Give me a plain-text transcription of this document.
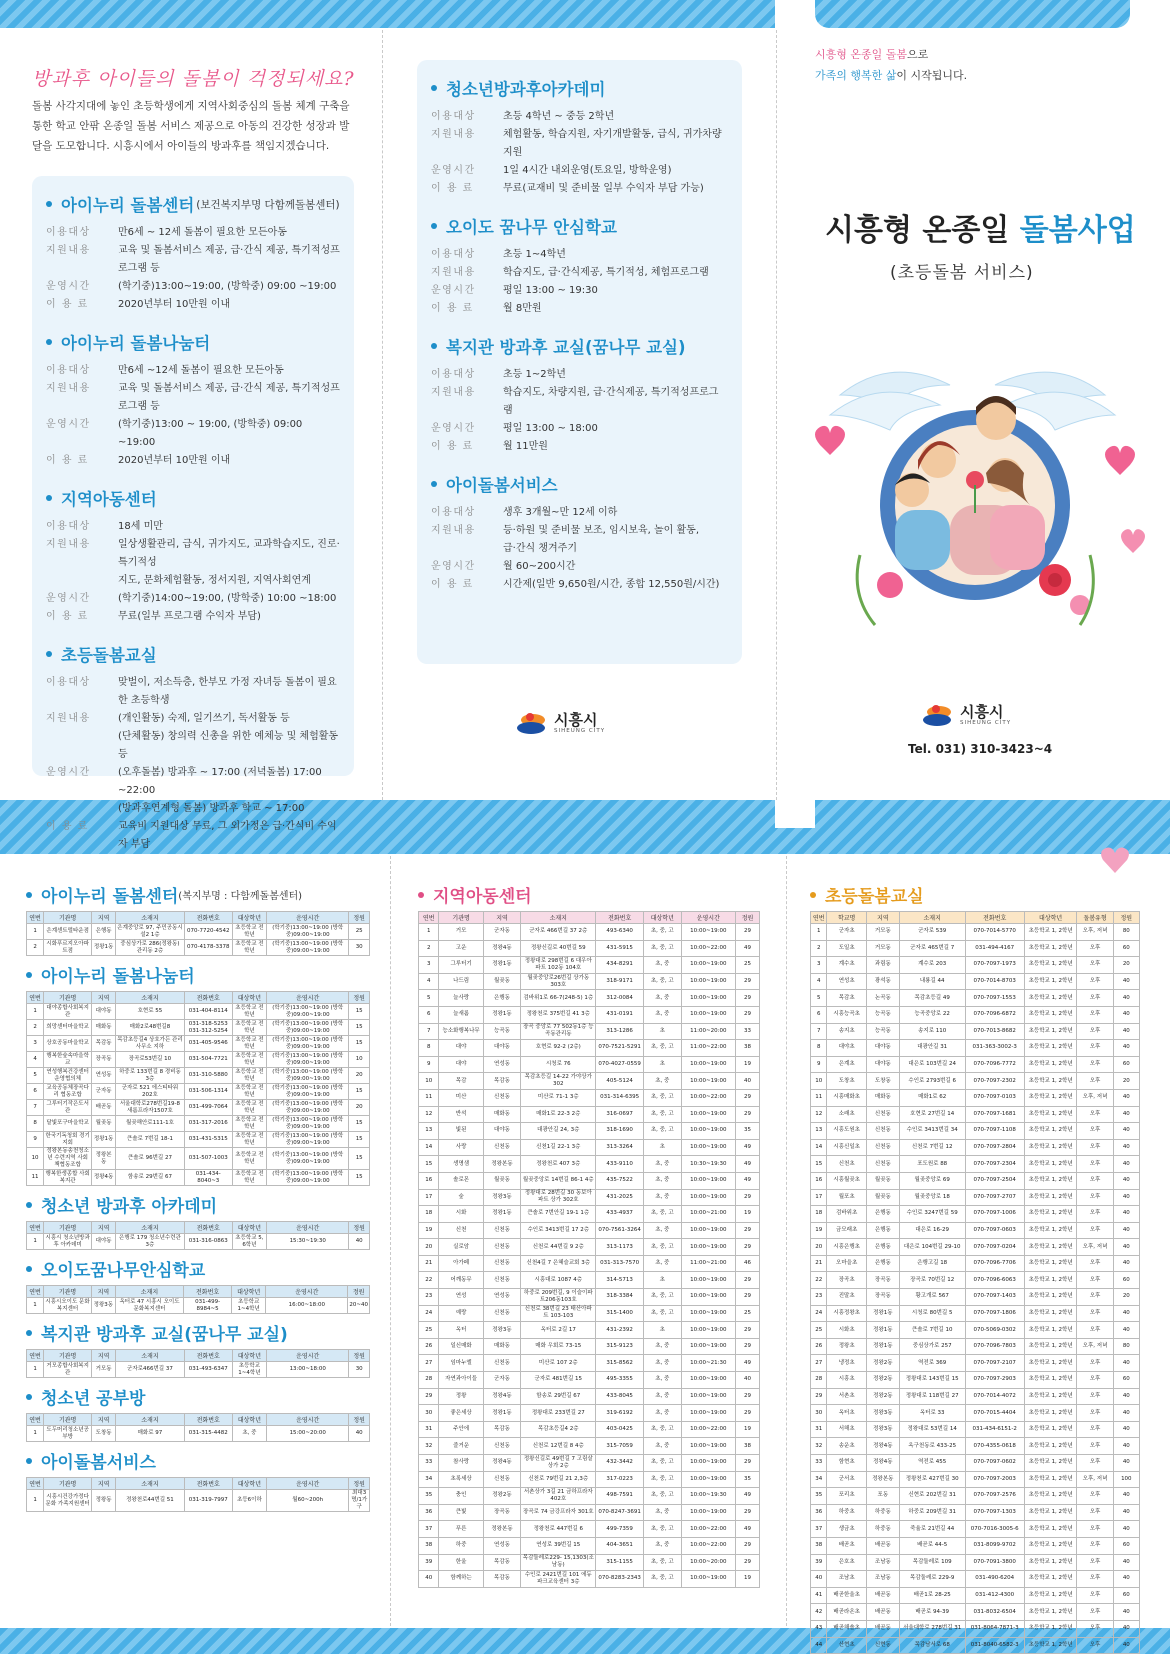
방과후 아이들의 돌봄이 걱정되세요?
돌봄 사각지대에 놓인 초등학생에게 지역사회중심의 돌봄 체계 구축을 통한 학교 안팎 온종일 돌봄 서비스 제공으로 아동의 건강한 성장과 발달을 도모합니다. 시흥시에서 아이들의 방과후를 책임지겠습니다.
아이누리 돌봄센터 (보건복지부명 다함께돌봄센터)
이용대상	만6세 ~ 12세 돌봄이 필요한 모든아동
지원내용	교육 및 돌봄서비스 제공, 급·간식 제공, 특기적성프로그램 등
운영시간	(학기중)13:00~19:00, (방학중) 09:00 ~19:00
이 용 료	2020년부터 10만원 이내
아이누리 돌봄나눔터
이용대상	만6세 ~12세 돌봄이 필요한 모든아동
지원내용	교육 및 돌봄서비스 제공, 급·간식 제공, 특기적성프로그램 등
운영시간	(학기중)13:00 ~ 19:00, (방학중) 09:00 ~19:00
이 용 료	2020년부터 10만원 이내
지역아동센터
이용대상	18세 미만
지원내용	일상생활관리, 급식, 귀가지도, 교과학습지도, 진로·특기적성
지도, 문화체험활동, 정서지원, 지역사회연계
운영시간	(학기중)14:00~19:00, (방학중) 10:00 ~18:00
이 용 료	무료(일부 프로그램 수익자 부담)
초등돌봄교실
이용대상	맞벌이, 저소득층, 한부모 가정 자녀등 돌봄이 필요한 초등학생
지원내용	(개인활동) 숙제, 일기쓰기, 독서활동 등
(단체활동) 창의력 신총을 위한 예체능 및 체험활동 등
운영시간	(오후돌봄) 방과후 ~ 17:00 (저녁돌봄) 17:00 ~22:00
(방과후연계형 돌봄) 방과후 학교 ~ 17:00
이 용 료	교육비 지원대상 무료, 그 외가정은 급·간식비 수익자 부담
청소년방과후아카데미
이용대상	초등 4학년 ~ 중등 2학년
지원내용	체험활동, 학습지원, 자기개발활동, 급식, 귀가차량 지원
운영시간	1일 4시간 내외운영(토요일, 방학운영)
이 용 료	무료(교재비 및 준비물 일부 수익자 부담 가능)
오이도 꿈나무 안심학교
이용대상	초등 1~4학년
지원내용	학습지도, 급·간식제공, 특기적성, 체험프로그램
운영시간	평일 13:00 ~ 19:30
이 용 료	월 8만원
복지관 방과후 교실(꿈나무 교실)
이용대상	초등 1~2학년
지원내용	학습지도, 차량지원, 급·간식제공, 특기적성프로그램
운영시간	평일 13:00 ~ 18:00
이 용 료	월 11만원
아이돌봄서비스
이용대상	생후 3개월~만 12세 이하
지원내용	등·하원 및 준비물 보조, 임시보육, 놀이 활동,
급·간식 챙겨주기
운영시간	월 60~200시간
이 용 료	시간제(일반 9,650원/시간, 종합 12,550원/시간)
시흥시
SIHEUNG CITY
시흥형 온종일 돌봄으로
가족의 행복한 삶이 시작됩니다.
시흥형 온종일 돌봄사업
(초등돌봄 서비스)
시흥시
SIHEUNG CITY
Tel. 031) 310-3423~4
아이누리 돌봄센터 (복지부명 : 다함께돌봄센터)
연번	기관명	지역	소재지	전화번호	대상학년	운영시간	정원
1	은계센트럴타운점	은행동	은계중앙로 97, 주민공동시설2 1층	070-7720-4542	초등학교 전학년	(학기중)13:00~19:00 (방학중)09:00~19:00	25
2	시화푸르지오아파트점	정왕1동	중심상가로 286(정왕동) 관리동 2층	070-4178-3378	초등학교 전학년	(학기중)13:00~19:00 (방학중)09:00~19:00	30
아이누리 돌봄나눔터
연번	기관명	지역	소재지	전화번호	대상학년	운영시간	정원
1	대야종합사회복지관	대야동	호현로 55	031-404-8114	초등학교 전학년	(학기중)13:00~19:00 (방학중)09:00~19:00	15
2	희망센터마을학교	매화동	매화2로48번길8	031-318-5253 031-312-5254	초등학교 전학년	(학기중)13:00~19:00 (방학중)09:00~19:00	15
3	상호공동마을학교	목감동	목감초등길4 상호가든 관리사무소 지하	031-405-9546	초등학교 전학년	(학기중)13:00~19:00 (방학중)09:00~19:00	15
4	행복한숲속마을학교	장곡동	장곡로53번길 10	031-504-7721	초등학교 전학년	(학기중)13:00~19:00 (방학중)09:00~19:00	10
5	연성행복건강센터 운영협의체	연성동	하중로 133번길 8 경비동 3층	031-310-5880	초등학교 전학년	(학기중)13:00~19:00 (방학중)09:00~19:00	20
6	교육공동체장곡다리 협동조합	군자동	군자로 521 에스티타워 202호	031-506-1314	초등학교 전학년	(학기중)13:00~19:00 (방학중)09:00~19:00	15
7	그루터기작은도서관	배곧동	서울대학로278번길19-8 새롬프라자1507호	031-499-7064	초등학교 전학년	(학기중)13:00~19:00 (방학중)09:00~19:00	20
8	달빛포구마을학교	월곶동	월곶해안로111-1호	031-317-2016	초등학교 전학년	(학기중)13:00~19:00 (방학중)09:00~19:00	15
9	한국기독청회 경기지회	정왕1동	큰솔로 7번길 18-1	031-431-5315	초등학교 전학년	(학기중)13:00~19:00 (방학중)09:00~19:00	15
10	정왕본동송천청소년 수련지역 사회책협동조합	정왕본동	큰솔로 96번길 27	031-507-1003	초등학교 전학년	(학기중)13:00~19:00 (방학중)09:00~19:00	15
11	행복한생종합 사회복지관	정왕4동	함송로 29번길 67	031-434-8040~3	초등학교 전학년	(학기중)13:00~19:00 (방학중)09:00~19:00	15
청소년 방과후 아카데미
연번	기관명	지역	소재지	전화번호	대상학년	운영시간	정원
1	시흥시 청소년방과후 아카데미	대야동	은행로 179 청소년수련관 3층	031-316-0863	초등학교 5, 6학년	15:30~19:30	40
오이도꿈나무안심학교
연번	기관명	지역	소재지	전화번호	대상학년	운영시간	정원
1	시흥시오이도 문화복지센터	정왕3동	옥터로 47 시흥시 오이도 문화복지센터	031-499-8984~5	초등학교 1~4학년	16:00~18:00	20~40
복지관 방과후 교실(꿈나무 교실)
연번	기관명	지역	소재지	전화번호	대상학년	운영시간	정원
1	거모종합사회복지관	거모동	군자로466번길 37	031-493-6347	초등학교 1~4학년	13:00~18:00	30
청소년 공부방
연번	기관명	지역	소재지	전화번호	대상학년	운영시간	정원
1	도두머리청소년공부방	도창동	매화로 97	031-315-4482	초, 중	15:00~20:00	40
아이돌봄서비스
연번	기관명	지역	소재지	전화번호	대상학년	운영시간	정원
1	시흥시건강가정다문화 가족지원센터	정왕동	정왕천로44번길 51	031-319-7997	초등6이하	월60~200h	최대3명/1가구
지역아동센터
연번	기관명	지역	소재지	전화번호	대상학년	운영시간	정원
1	거모	군자동	군자로 466번길 37 2층	493-6340	초, 중, 고	10:00~19:00	29
2	고운	정왕4동	정왕신길로 40번길 59	431-5915	초, 중, 고	10:00~22:00	49
3	그루터기	정왕1동	정왕대로 298번길 6 대우아파트 102동 104호	434-8291	초, 중	10:00~19:00	25
4	나드림	월곶동	월곶중앙로26번길 상가동 303호	318-9171	초, 중, 고	10:00~19:00	29
5	늘사랑	은행동	검바위1로 66-7(248-5) 1층	312-0084	초, 중	10:00~19:00	29
6	늘새롬	정왕1동	정왕천로 375번길 41 3층	431-0191	초, 중	10:00~19:00	29
7	능소화행복나무	능곡동	장곡 중앙로 77 502동1층 능곡동관리동	313-1286	초	11:00~20:00	33
8	대야	대야동	호현로 92-2 (2층)	070-7521-5291	초, 중, 고	11:00~22:00	38
9	대야	연성동	시청로 76	070-4027-0559	초	10:00~19:00	19
10	목감	목감동	목감초등길 14-22 가야상가 302	405-5124	초, 중	10:00~19:00	40
11	미산	신천동	미산로 71-1 3층	031-314-6395	초, 중, 고	10:00~22:00	29
12	반석	매화동	매화1로 22-3 2층	316-0697	초, 중, 고	10:00~19:00	29
13	빛된	대야동	대광안길 24, 3층	318-1690	초, 중, 고	10:00~19:00	35
14	사랑	신천동	신천1길 22-1 3층	313-3264	초	10:00~19:00	49
15	생명샘	정왕본동	정왕천로 407 3층	433-9110	초, 중	10:30~19:30	49
16	솔로몬	월곶동	월곶중앙로 14번길 86-1 4층	435-7522	초, 중	10:00~19:00	49
17	숲	정왕3동	정왕대로 28번길 30 동보아파트 상가 302호	431-2025	초, 중	10:00~19:00	29
18	시화	정왕1동	큰솔로 7번안길 19-1 1층	433-4937	초, 중, 고	10:00~21:00	19
19	신천	신천동	수인로 3413번길 17 2층	070-7561-3264	초, 중	10:00~19:00	29
20	실로암	신천동	신천로 44번길 9 2층	313-1173	초, 중, 고	10:00~19:00	29
21	아가페	신천동	신천4길 7 은혜슬교회 3층	031-313-7570	초, 중	11:00~21:00	46
22	어깨동무	신천동	시흥대로 1087 4층	314-5713	초	10:00~19:00	29
23	연성	연성동	하중로 209번길, 9 이슬이파트206동103호	318-3384	초, 중, 고	10:00~19:00	29
24	예랑	신천동	신천로 38번길 23 태산아파트 103-103	315-1400	초, 중, 고	10:00~19:00	25
25	옥터	정왕3동	옥터로 2길 17	431-2392	초	10:00~19:00	29
26	일신매화	매화동	매화 우회로 73-15	315-9123	초, 중	10:00~19:00	29
27	임마누엘	신천동	미산로 107 2층	315-8562	초, 중	10:00~21:30	49
28	자연과아이들	군자동	군자로 481번길 15	495-3355	초, 중	10:00~19:00	40
29	정왕	정왕4동	함송로 29번길 67	433-8045	초, 중	10:00~19:00	29
30	좋은세상	정왕1동	정왕대로 233번길 27	319-6192	초, 중	10:00~19:00	29
31	주안에	목감동	목감초등길4 2층	403-0425	초, 중, 고	10:00~22:00	19
32	즐거운	신천동	신천로 12번길 8 4층	315-7059	초, 중	10:00~19:00	38
33	참사랑	정왕4동	정왕신길로 49번길 7 고림살상가 2층	432-3442	초, 중, 고	10:00~19:00	29
34	초록세상	신천동	신천로 79번길 21 2,3층	317-0223	초, 중, 고	10:00~19:00	35
35	충인	정왕2동	서촌상가 3길 21 금하프라자 402호	498-7591	초, 중, 고	10:00~19:30	49
36	큰빛	장곡동	장곡로 74 금강프라자 301호	070-8247-3691	초, 중	10:00~19:00	29
37	푸른	정왕본동	정왕천로 447번길 6	499-7359	초, 중, 고	10:00~22:00	49
38	하중	연성동	연성로 39번길 15	404-3651	초, 중	10:00~22:00	29
39	한울	목감동	목감둘레로229- 15,1303(조남동)	315-1155	초, 중, 고	10:00~20:00	29
40	함께하는	목감동	수인로 2421번길 101 에듀파크교육센터 3층	070-8283-2343	초, 중, 고	10:00~19:00	19
초등돌봄교실
연번	학교명	지역	소재지	전화번호	대상학년	돌봄유형	정원
1	군자초	거모동	군자로 539	070-7014-5770	초등학교 1, 2학년	오후, 저녁	80
2	도일초	거모동	군자로 465번길 7	031-494-4167	초등학교 1, 2학년	오후	60
3	계수초	과림동	계수로 203	070-7097-1973	초등학교 1, 2학년	오후	20
4	연성초	광석동	내룡길 44	070-7014-8703	초등학교 1, 2학년	오후	40
5	목감초	논곡동	목감초등길 49	070-7097-1553	초등학교 1, 2학년	오후	40
6	시흥능곡초	능곡동	능곡중앙로 22	070-7096-6872	초등학교 1, 2학년	오후	40
7	송지초	능곡동	송지로 110	070-7013-8682	초등학교 1, 2학년	오후	40
8	대야초	대야동	대광안길 31	031-363-3002-3	초등학교 1, 2학년	오후	40
9	은계초	대야동	대은로 103번길 24	070-7096-7772	초등학교 1, 2학년	오후	60
10	도창초	도창동	수인로 2793번길 6	070-7097-2302	초등학교 1, 2학년	오후	20
11	시흥매화초	매화동	매화1로 62	070-7097-0103	초등학교 1, 2학년	오후, 저녁	40
12	소래초	신천동	호현로 27번길 14	070-7097-1681	초등학교 1, 2학년	오후	40
13	시흥도원초	신천동	수인로 3413번길 34	070-7097-1108	초등학교 1, 2학년	오후	40
14	시흥신일초	신천동	신천로 7번길 12	070-7097-2804	초등학교 1, 2학년	오후	40
15	신천초	신천동	포도원로 88	070-7097-2304	초등학교 1, 2학년	오후	40
16	시흥월곶초	월곶동	월곶중앙로 69	070-7097-2504	초등학교 1, 2학년	오후	40
17	월포초	월곶동	월곶중앙로 18	070-7097-2707	초등학교 1, 2학년	오후	40
18	검바위초	은행동	수인로 3247번길 59	070-7097-1006	초등학교 1, 2학년	오후	40
19	금모래초	은행동	대은로 16-29	070-7097-0603	초등학교 1, 2학년	오후	40
20	시흥은행초	은행동	대은로 104번길 29-10	070-7097-0204	초등학교 1, 2학년	오후, 저녁	40
21	오마을초	은행동	은행고길 18	070-7096-7706	초등학교 1, 2학년	오후	40
22	장곡초	장곡동	장곡로 70번길 12	070-7096-6063	초등학교 1, 2학년	오후	60
23	진말초	장곡동	황고개로 567	070-7097-1403	초등학교 1, 2학년	오후	20
24	시흥정왕초	정왕1동	시청로 80번길 5	070-7097-1806	초등학교 1, 2학년	오후	40
25	시화초	정왕1동	큰솔로 7번길 10	070-5069-0302	초등학교 1, 2학년	오후	40
26	정왕초	정왕1동	중심상가로 257	070-7096-7803	초등학교 1, 2학년	오후, 저녁	80
27	냉정초	정왕2동	역전로 369	070-7097-2107	초등학교 1, 2학년	오후	40
28	시흥초	정왕2동	정왕대로 143번길 15	070-7097-2903	초등학교 1, 2학년	오후	60
29	서촌초	정왕2동	정왕대로 118번길 27	070-7014-4072	초등학교 1, 2학년	오후	40
30	옥터초	정왕3동	옥터로 33	070-7015-4404	초등학교 1, 2학년	오후	40
31	서해초	정왕3동	정왕대로 53번길 14	031-434-6151-2	초등학교 1, 2학년	오후	40
32	송운초	정왕4동	옥구천동로 433-25	070-4355-0618	초등학교 1, 2학년	오후	40
33	함현초	정왕4동	역전로 455	070-7097-0602	초등학교 1, 2학년	오후	40
34	군서초	정왕본동	정왕천로 427번길 30	070-7097-2003	초등학교 1, 2학년	오후, 저녁	100
35	포리초	포동	신현로 202번길 31	070-7097-2576	초등학교 1, 2학년	오후	40
36	하중초	하중동	하중로 209번길 31	070-7097-1303	초등학교 1, 2학년	오후	40
37	생금초	하중동	죽율로 21번길 44	070-7016-3005-6	초등학교 1, 2학년	오후	40
38	배곧초	배곧동	배곧로 44-5	031-8099-9702	초등학교 1, 2학년	오후	60
39	은호초	조남동	목감둘레로 109	070-7091-3800	초등학교 1, 2학년	오후	40
40	조남초	조남동	목감둘레로 229-9	031-490-6204	초등학교 1, 2학년	오후	40
41	배곧한울초	배곧동	배곧1로 28-25	031-412-4300	초등학교 1, 2학년	오후	60
42	배곧라온초	배곧동	배곧로 94-39	031-8032-6504	초등학교 1, 2학년	오후	40
43	배곧해솔초	배곧동	서울대학로 278번길 31	031-8064-7871-3	초등학교 1, 2학년	오후	40
44	산현초	신현동	목감남서로 68	031-8040-6582-3	초등학교 1, 2학년	오후	40
